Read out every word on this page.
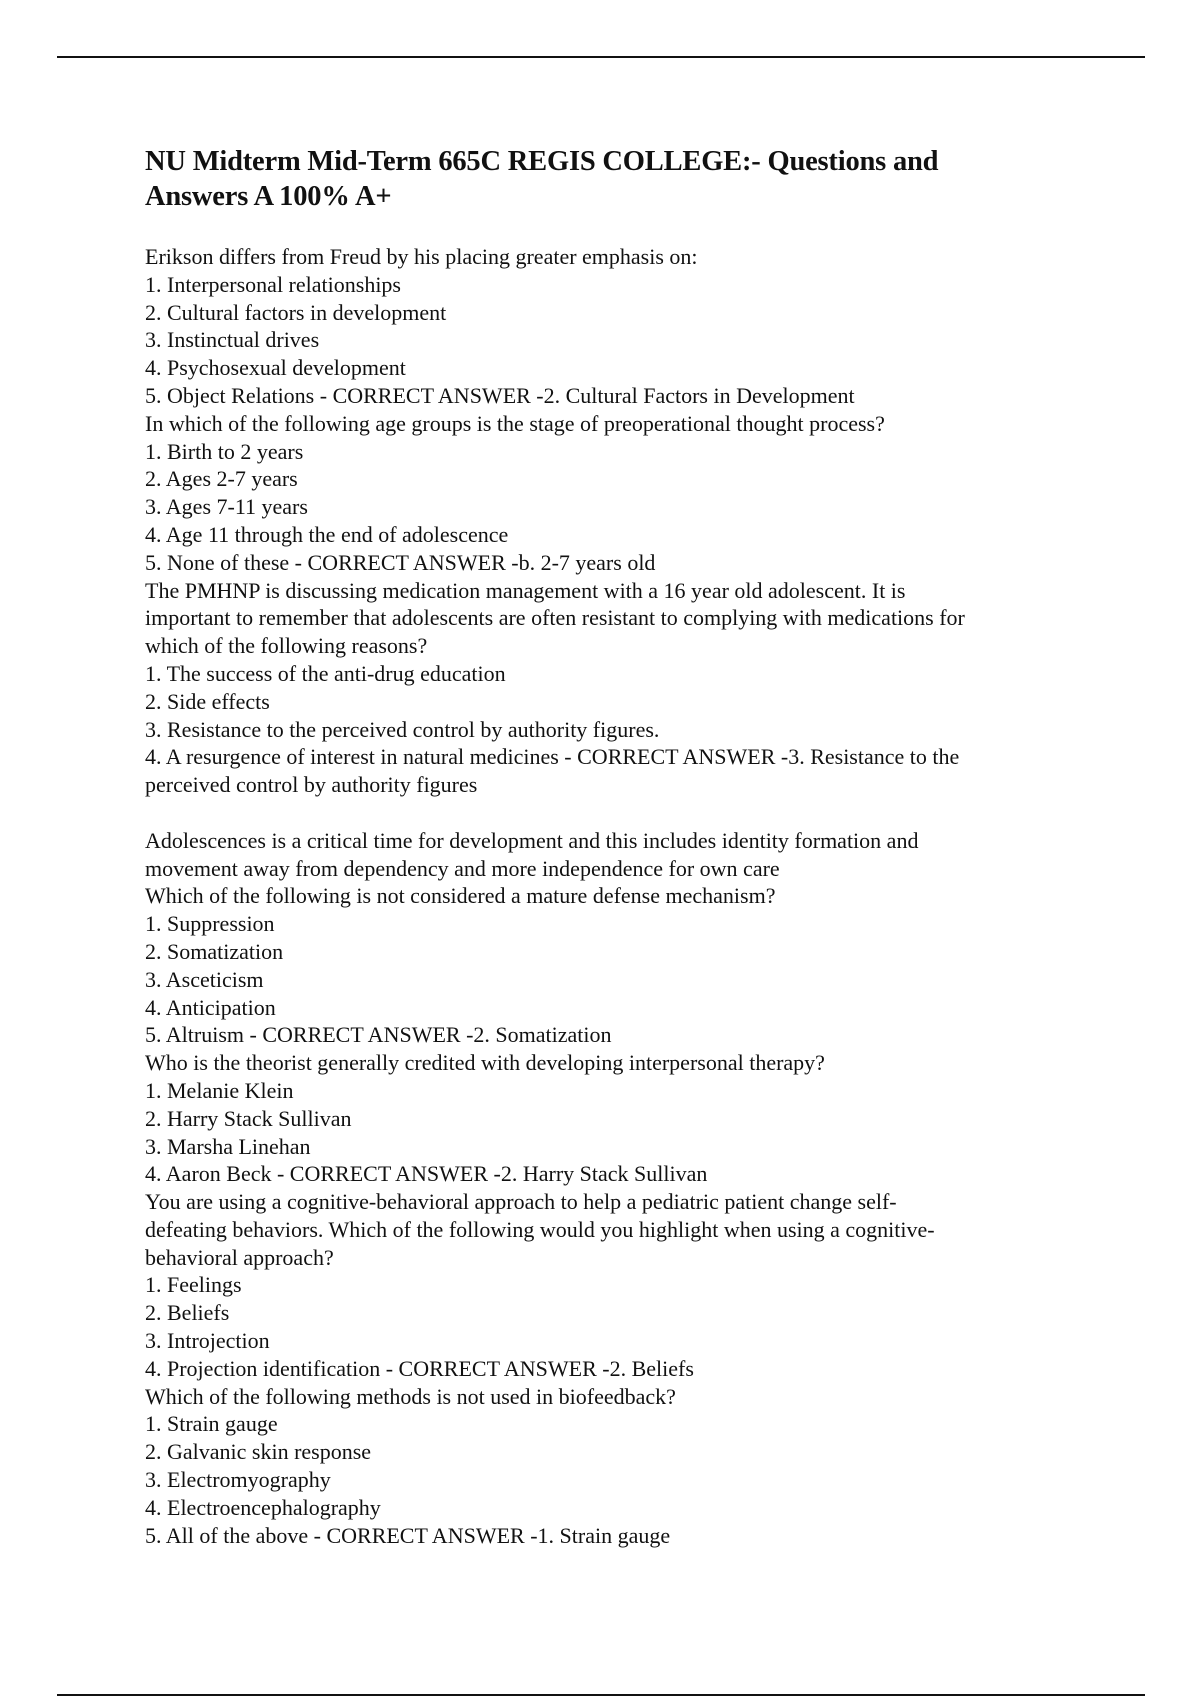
NU Midterm Mid-Term 665C REGIS COLLEGE:- Questions and
Answers A 100% A+
Erikson differs from Freud by his placing greater emphasis on:
1. Interpersonal relationships
2. Cultural factors in development
3. Instinctual drives
4. Psychosexual development
5. Object Relations - CORRECT ANSWER -2. Cultural Factors in Development
In which of the following age groups is the stage of preoperational thought process?
1. Birth to 2 years
2. Ages 2-7 years
3. Ages 7-11 years
4. Age 11 through the end of adolescence
5. None of these - CORRECT ANSWER -b. 2-7 years old
The PMHNP is discussing medication management with a 16 year old adolescent. It is
important to remember that adolescents are often resistant to complying with medications for
which of the following reasons?
1. The success of the anti-drug education
2. Side effects
3. Resistance to the perceived control by authority figures.
4. A resurgence of interest in natural medicines - CORRECT ANSWER -3. Resistance to the
perceived control by authority figures
Adolescences is a critical time for development and this includes identity formation and
movement away from dependency and more independence for own care
Which of the following is not considered a mature defense mechanism?
1. Suppression
2. Somatization
3. Asceticism
4. Anticipation
5. Altruism - CORRECT ANSWER -2. Somatization
Who is the theorist generally credited with developing interpersonal therapy?
1. Melanie Klein
2. Harry Stack Sullivan
3. Marsha Linehan
4. Aaron Beck - CORRECT ANSWER -2. Harry Stack Sullivan
You are using a cognitive-behavioral approach to help a pediatric patient change self-
defeating behaviors. Which of the following would you highlight when using a cognitive-
behavioral approach?
1. Feelings
2. Beliefs
3. Introjection
4. Projection identification - CORRECT ANSWER -2. Beliefs
Which of the following methods is not used in biofeedback?
1. Strain gauge
2. Galvanic skin response
3. Electromyography
4. Electroencephalography
5. All of the above - CORRECT ANSWER -1. Strain gauge
